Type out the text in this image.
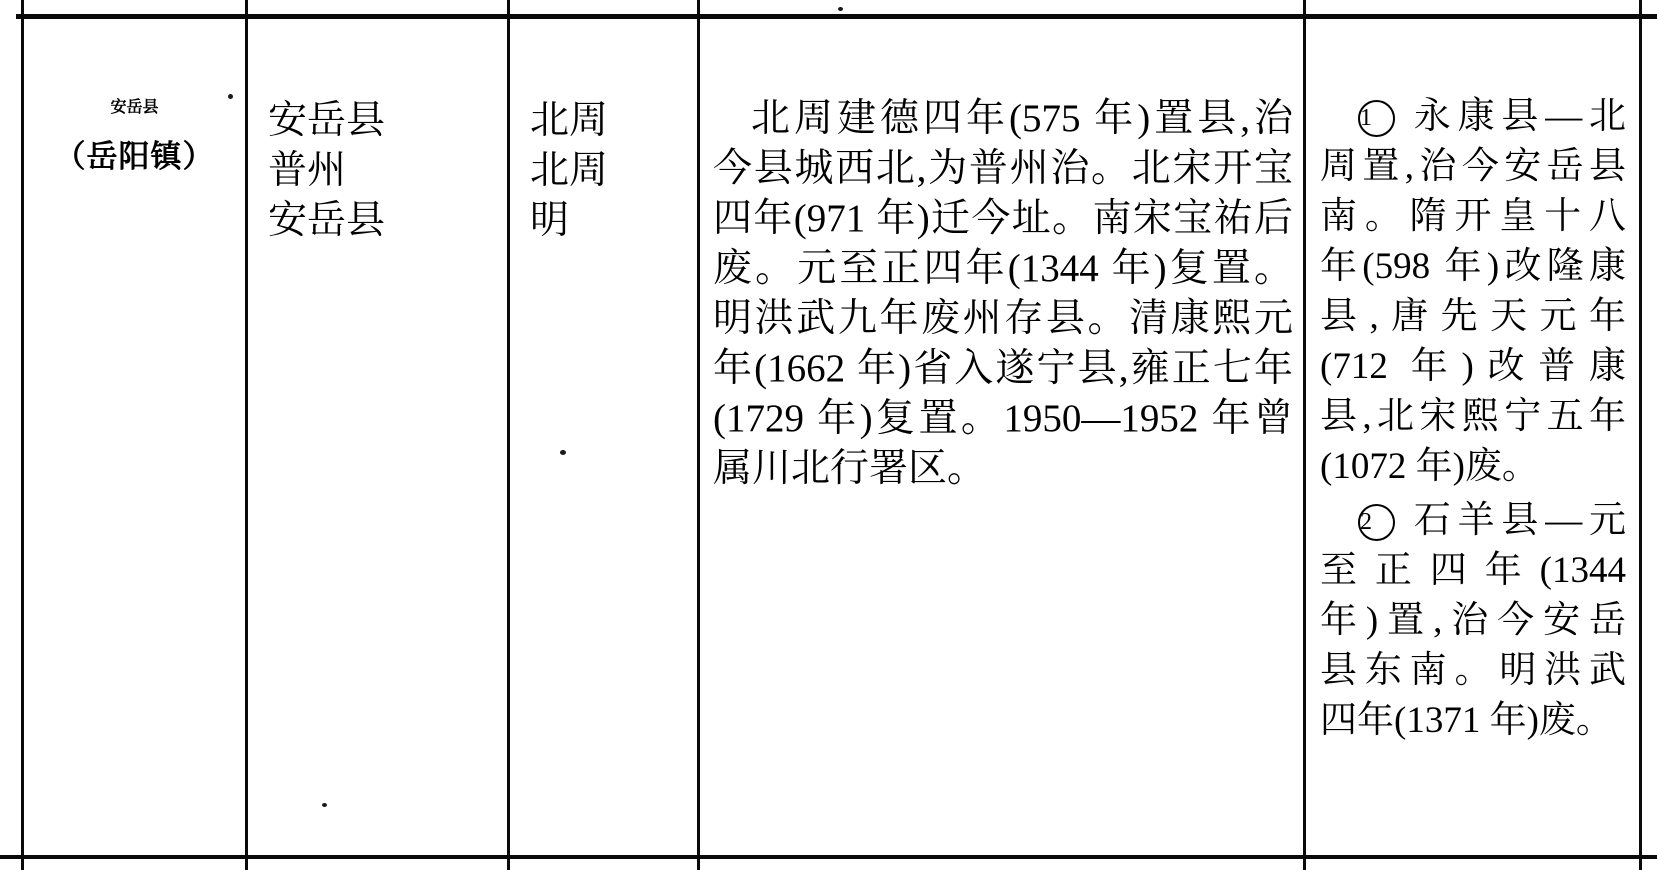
安岳县
（岳阳镇）
安岳县
普州
安岳县
北周
北周
明
北周建德四年(575 年)置县,治
今县城西北,为普州治。北宋开宝
四年(971 年)迁今址。南宋宝祐后
废。元至正四年(1344 年)复置。
明洪武九年废州存县。清康熙元
年(1662 年)省入遂宁县,雍正七年
(1729 年)复置。1950—1952 年曾
属川北行署区。
1 永康县—北
周置,治今安岳县
南。隋开皇十八
年(598 年)改隆康
县,唐先天元年
(712 年)改普康
县,北宋熙宁五年
(1072 年)废。
2 石羊县—元
至正四年(1344
年)置,治今安岳
县东南。明洪武
四年(1371 年)废。
